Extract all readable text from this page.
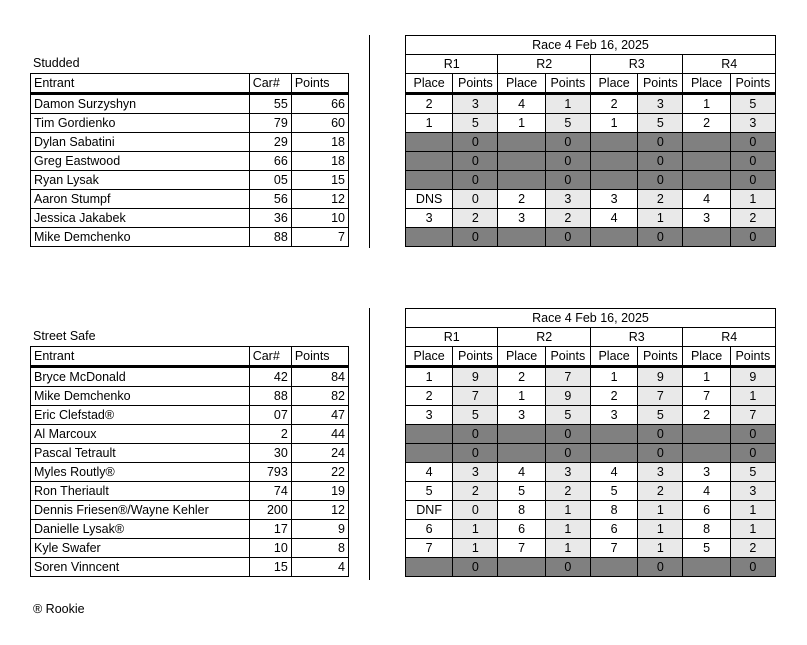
Studded
Entrant	Car#	Points
Damon Surzyshyn	55	66
Tim Gordienko	79	60
Dylan Sabatini	29	18
Greg Eastwood	66	18
Ryan Lysak	05	15
Aaron Stumpf	56	12
Jessica Jakabek	36	10
Mike Demchenko	88	7
Race 4 Feb 16, 2025							
R1		R2		R3		R4	
Place	Points	Place	Points	Place	Points	Place	Points
2	3	4	1	2	3	1	5
1	5	1	5	1	5	2	3
	0		0		0		0
	0		0		0		0
	0		0		0		0
DNS	0	2	3	3	2	4	1
3	2	3	2	4	1	3	2
	0		0		0		0
Street Safe
Entrant	Car#	Points
Bryce McDonald	42	84
Mike Demchenko	88	82
Eric Clefstad®	07	47
Al Marcoux	2	44
Pascal Tetrault	30	24
Myles Routly®	793	22
Ron Theriault	74	19
Dennis Friesen®/Wayne Kehler	200	12
Danielle Lysak®	17	9
Kyle Swafer	10	8
Soren Vinncent	15	4
Race 4 Feb 16, 2025							
R1		R2		R3		R4	
Place	Points	Place	Points	Place	Points	Place	Points
1	9	2	7	1	9	1	9
2	7	1	9	2	7	7	1
3	5	3	5	3	5	2	7
	0		0		0		0
	0		0		0		0
4	3	4	3	4	3	3	5
5	2	5	2	5	2	4	3
DNF	0	8	1	8	1	6	1
6	1	6	1	6	1	8	1
7	1	7	1	7	1	5	2
	0		0		0		0
® Rookie
